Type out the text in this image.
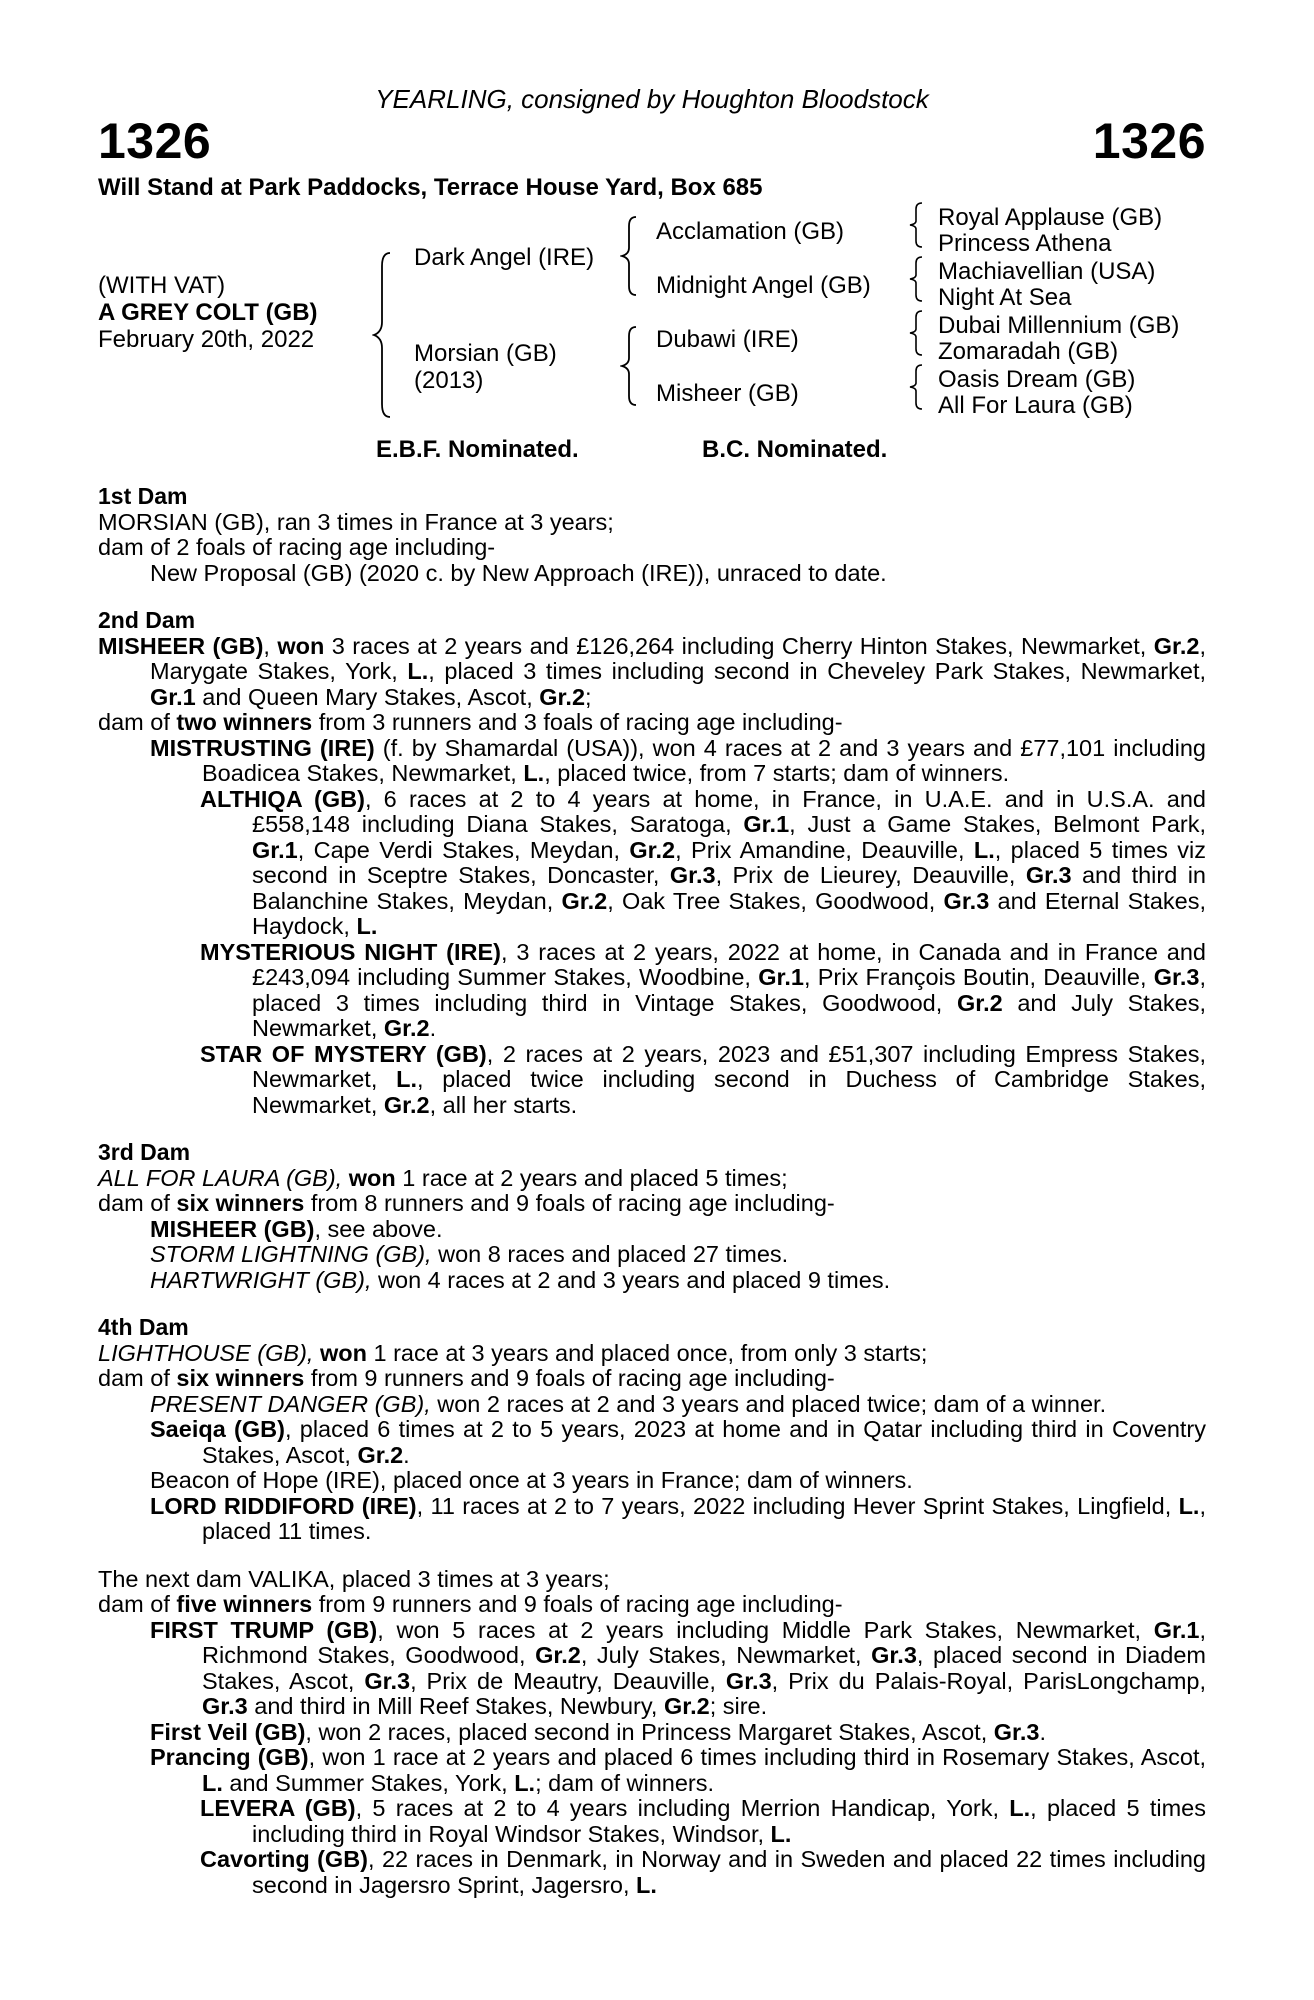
YEARLING, consigned by Houghton Bloodstock
1326	1326
Will Stand at Park Paddocks, Terrace House Yard, Box 685
(WITH VAT)
A GREY COLT (GB)
February 20th, 2022
Dark Angel (IRE)
Morsian (GB)
(2013)
Acclamation (GB)
Midnight Angel (GB)
Dubawi (IRE)
Misheer (GB)
Royal Applause (GB)
Princess Athena
Machiavellian (USA)
Night At Sea
Dubai Millennium (GB)
Zomaradah (GB)
Oasis Dream (GB)
All For Laura (GB)
E.B.F. Nominated.	B.C. Nominated.
1st Dam
MORSIAN (GB), ran 3 times in France at 3 years;
dam of 2 foals of racing age including-
New Proposal (GB) (2020 c. by New Approach (IRE)), unraced to date.
2nd Dam
MISHEER (GB), won 3 races at 2 years and £126,264 including Cherry Hinton Stakes, Newmarket, Gr.2, Marygate Stakes, York, L., placed 3 times including second in Cheveley Park Stakes, Newmarket, Gr.1 and Queen Mary Stakes, Ascot, Gr.2;
dam of two winners from 3 runners and 3 foals of racing age including-
MISTRUSTING (IRE) (f. by Shamardal (USA)), won 4 races at 2 and 3 years and £77,101 including Boadicea Stakes, Newmarket, L., placed twice, from 7 starts; dam of winners.
ALTHIQA (GB), 6 races at 2 to 4 years at home, in France, in U.A.E. and in U.S.A. and £558,148 including Diana Stakes, Saratoga, Gr.1, Just a Game Stakes, Belmont Park, Gr.1, Cape Verdi Stakes, Meydan, Gr.2, Prix Amandine, Deauville, L., placed 5 times viz second in Sceptre Stakes, Doncaster, Gr.3, Prix de Lieurey, Deauville, Gr.3 and third in Balanchine Stakes, Meydan, Gr.2, Oak Tree Stakes, Goodwood, Gr.3 and Eternal Stakes, Haydock, L.
MYSTERIOUS NIGHT (IRE), 3 races at 2 years, 2022 at home, in Canada and in France and £243,094 including Summer Stakes, Woodbine, Gr.1, Prix François Boutin, Deauville, Gr.3, placed 3 times including third in Vintage Stakes, Goodwood, Gr.2 and July Stakes, Newmarket, Gr.2.
STAR OF MYSTERY (GB), 2 races at 2 years, 2023 and £51,307 including Empress Stakes, Newmarket, L., placed twice including second in Duchess of Cambridge Stakes, Newmarket, Gr.2, all her starts.
3rd Dam
ALL FOR LAURA (GB), won 1 race at 2 years and placed 5 times;
dam of six winners from 8 runners and 9 foals of racing age including-
MISHEER (GB), see above.
STORM LIGHTNING (GB), won 8 races and placed 27 times.
HARTWRIGHT (GB), won 4 races at 2 and 3 years and placed 9 times.
4th Dam
LIGHTHOUSE (GB), won 1 race at 3 years and placed once, from only 3 starts;
dam of six winners from 9 runners and 9 foals of racing age including-
PRESENT DANGER (GB), won 2 races at 2 and 3 years and placed twice; dam of a winner.
Saeiqa (GB), placed 6 times at 2 to 5 years, 2023 at home and in Qatar including third in Coventry Stakes, Ascot, Gr.2.
Beacon of Hope (IRE), placed once at 3 years in France; dam of winners.
LORD RIDDIFORD (IRE), 11 races at 2 to 7 years, 2022 including Hever Sprint Stakes, Lingfield, L., placed 11 times.
The next dam VALIKA, placed 3 times at 3 years;
dam of five winners from 9 runners and 9 foals of racing age including-
FIRST TRUMP (GB), won 5 races at 2 years including Middle Park Stakes, Newmarket, Gr.1, Richmond Stakes, Goodwood, Gr.2, July Stakes, Newmarket, Gr.3, placed second in Diadem Stakes, Ascot, Gr.3, Prix de Meautry, Deauville, Gr.3, Prix du Palais-Royal, ParisLongchamp, Gr.3 and third in Mill Reef Stakes, Newbury, Gr.2; sire.
First Veil (GB), won 2 races, placed second in Princess Margaret Stakes, Ascot, Gr.3.
Prancing (GB), won 1 race at 2 years and placed 6 times including third in Rosemary Stakes, Ascot, L. and Summer Stakes, York, L.; dam of winners.
LEVERA (GB), 5 races at 2 to 4 years including Merrion Handicap, York, L., placed 5 times including third in Royal Windsor Stakes, Windsor, L.
Cavorting (GB), 22 races in Denmark, in Norway and in Sweden and placed 22 times including second in Jagersro Sprint, Jagersro, L.
